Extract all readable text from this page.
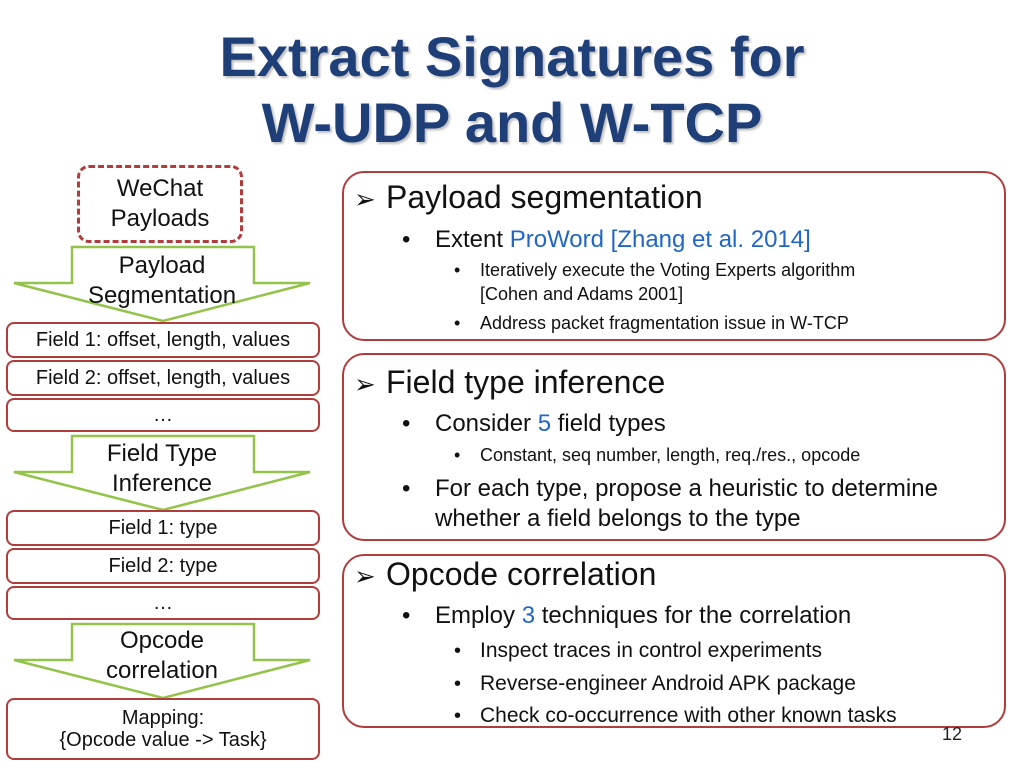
Extract Signatures for
W-UDP and W-TCP
WeChat
Payloads
Payload
Segmentation
Field 1: offset, length, values
Field 2: offset, length, values
…
Field Type
Inference
Field 1: type
Field 2: type
…
Opcode
correlation
Mapping:
{Opcode value -> Task}
➢ Payload segmentation
• Extent ProWord [Zhang et al. 2014]
• Iteratively execute the Voting Experts algorithm
[Cohen and Adams 2001]
• Address packet fragmentation issue in W-TCP
➢ Field type inference
• Consider 5 field types
• Constant, seq number, length, req./res., opcode
• For each type, propose a heuristic to determine
whether a field belongs to the type
➢ Opcode correlation
• Employ 3 techniques for the correlation
• Inspect traces in control experiments
• Reverse-engineer Android APK package
• Check co-occurrence with other known tasks
12
